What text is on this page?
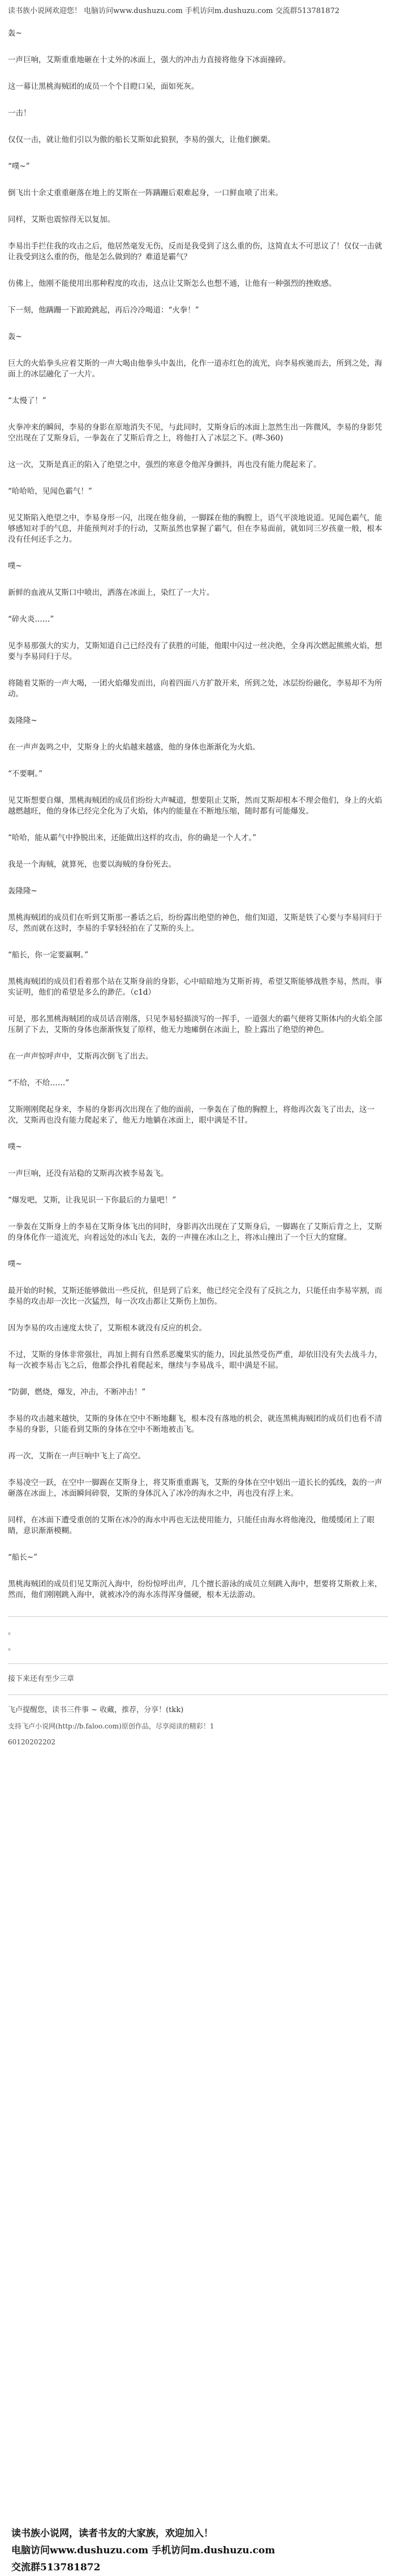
读书族小说网欢迎您！ 电脑访问www.dushuzu.com 手机访问m.dushuzu.com 交流群513781872

轰~

一声巨响，艾斯重重地砸在十丈外的冰面上，强大的冲击力直接将他身下冰面撞碎。

这一幕让黑桃海贼团的成员一个个目瞪口呆，面如死灰。

一击！

仅仅一击，就让他们引以为傲的船长艾斯如此狼狈，李易的强大，让他们颤栗。

“噗~”

倒飞出十余丈重重砸落在地上的艾斯在一阵蹒跚后艰难起身，一口鲜血喷了出来。

同样，艾斯也震惊得无以复加。

李易出手拦住我的攻击之后，他居然毫发无伤，反而是我受到了这么重的伤，这简直太不可思议了！仅仅一击就让我受到这么重的伤，他是怎么做到的？难道是霸气？

仿佛上，他刚不能使用出那种程度的攻击，这点让艾斯怎么也想不通，让他有一种强烈的挫败感。

下一刻，他蹒跚一下踉跄跳起，再后冷冷喝道：“火拳！”

轰~

巨大的火焰拳头应着艾斯的一声大喝由他拳头中轰出，化作一道赤红色的流光，向李易疾驰而去，所到之处，海面上的冰层融化了一大片。

“太慢了！”

火拳冲来的瞬间，李易的身影在原地消失不见，与此同时，艾斯身后的冰面上忽然生出一阵微风，李易的身影凭空出现在了艾斯身后，一拳轰在了艾斯后背之上，将他打入了冰层之下。(哔-360)

这一次，艾斯是真正的陷入了绝望之中，强烈的寒意令他浑身颤抖，再也没有能力爬起来了。

“哈哈哈，见闻色霸气！”

见艾斯陷入绝望之中，李易身形一闪，出现在他身前，一脚踩在他的胸膛上，语气平淡地说道。见闻色霸气，能够感知对手的气息，并能预判对手的行动，艾斯虽然也掌握了霸气，但在李易面前，就如同三岁孩童一般，根本没有任何还手之力。

噗~

新鲜的血液从艾斯口中喷出，洒落在冰面上，染红了一大片。

“碎火炎……”

见李易那强大的实力，艾斯知道自己已经没有了获胜的可能，他眼中闪过一丝决绝，全身再次燃起熊熊火焰，想要与李易同归于尽。

将随着艾斯的一声大喝，一团火焰爆发而出，向着四面八方扩散开来，所到之处，冰层纷纷融化，李易却不为所动。

轰隆隆~

在一声声轰鸣之中，艾斯身上的火焰越来越盛，他的身体也渐渐化为火焰。

“不要啊。”

见艾斯想要自爆，黑桃海贼团的成员们纷纷大声喊道，想要阻止艾斯，然而艾斯却根本不理会他们，身上的火焰越燃越旺，他的身体已经完全化为了火焰，体内的能量在不断地压缩，随时都有可能爆发。

“哈哈，能从霸气中挣脱出来，还能做出这样的攻击，你的确是一个人才。”

我是一个海贼，就算死，也要以海贼的身份死去。

轰隆隆~

黑桃海贼团的成员们在听到艾斯那一番话之后，纷纷露出绝望的神色，他们知道，艾斯是铁了心要与李易同归于尽，然而就在这时，李易的手掌轻轻拍在了艾斯的头上。

“船长，你一定要赢啊。”

黑桃海贼团的成员们看着那个站在艾斯身前的身影，心中暗暗地为艾斯祈祷，希望艾斯能够战胜李易，然而，事实证明，他们的希望是多么的渺茫。（c1d）

可是，那名黑桃海贼团的成员话音刚落，只见李易轻描淡写的一挥手，一道强大的霸气便将艾斯体内的火焰全部压制了下去，艾斯的身体也渐渐恢复了原样，他无力地瘫倒在冰面上，脸上露出了绝望的神色。

在一声声惊呼声中，艾斯再次倒飞了出去。

“不给，不给……”

艾斯刚刚爬起身来，李易的身影再次出现在了他的面前，一拳轰在了他的胸膛上，将他再次轰飞了出去，这一次，艾斯再也没有能力爬起来了，他无力地躺在冰面上，眼中满是不甘。

噗~

一声巨响，还没有站稳的艾斯再次被李易轰飞。

“爆发吧，艾斯，让我见识一下你最后的力量吧！”

一拳轰在艾斯身上的李易在艾斯身体飞出的同时，身影再次出现在了艾斯身后，一脚踢在了艾斯后背之上，艾斯的身体化作一道流光，向着远处的冰山飞去，轰的一声撞在冰山之上，将冰山撞出了一个巨大的窟窿。

噗~

最开始的时候，艾斯还能够做出一些反抗，但是到了后来，他已经完全没有了反抗之力，只能任由李易宰割，而李易的攻击却一次比一次猛烈，每一次攻击都让艾斯伤上加伤。

因为李易的攻击速度太快了，艾斯根本就没有反应的机会。

不过，艾斯的身体非常强壮，再加上拥有自然系恶魔果实的能力，因此虽然受伤严重，却依旧没有失去战斗力，每一次被李易击飞之后，他都会挣扎着爬起来，继续与李易战斗，眼中满是不屈。

“防御，燃烧，爆发，冲击，不断冲击！”

李易的攻击越来越快，艾斯的身体在空中不断地翻飞，根本没有落地的机会，就连黑桃海贼团的成员们也看不清李易的身影，只能看到艾斯的身体在空中不断地被击飞。

再一次，艾斯在一声巨响中飞上了高空。

李易凌空一跃，在空中一脚踢在艾斯身上，将艾斯重重踢飞，艾斯的身体在空中划出一道长长的弧线，轰的一声砸落在冰面上，冰面瞬间碎裂，艾斯的身体沉入了冰冷的海水之中，再也没有浮上来。

同样，在冰面下遭受重创的艾斯在冰冷的海水中再也无法使用能力，只能任由海水将他淹没，他缓缓闭上了眼睛，意识渐渐模糊。

“船长~”

黑桃海贼团的成员们见艾斯沉入海中，纷纷惊呼出声，几个擅长游泳的成员立刻跳入海中，想要将艾斯救上来，然而，他们刚刚跳入海中，就被冰冷的海水冻得浑身僵硬，根本无法游动。

。
。
接下来还有至少三章
飞卢提醒您，读书三件事 ~ 收藏，推荐，分享！(tkk)
支持飞卢小说网(http://b.faloo.com)原创作品，尽享阅读的精彩！1
60120202202

读书族小说网，读者书友的大家族，欢迎加入！

电脑访问www.dushuzu.com 手机访问m.dushuzu.com

交流群513781872
